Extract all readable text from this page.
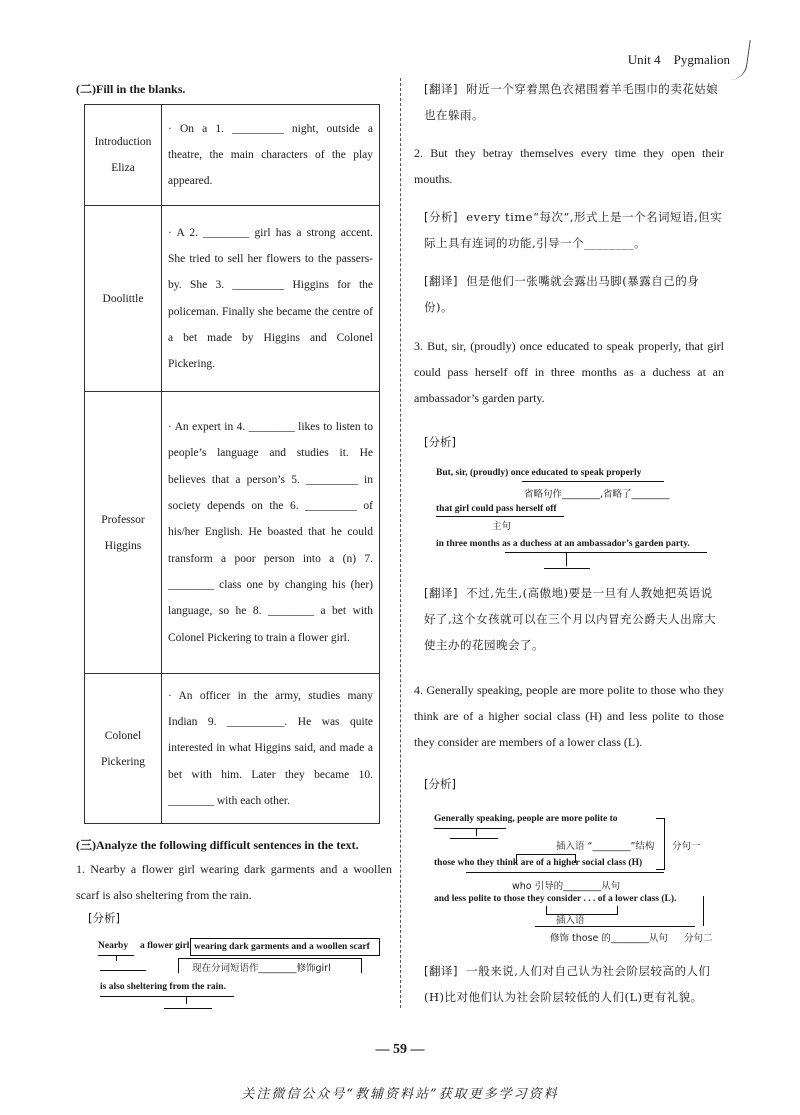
Unit 4 Pygmalion
(二)Fill in the blanks.
Introduction
Eliza	· On a 1. _________ night, outside a theatre, the main characters of the play appeared.
Doolittle	· A 2. ________ girl has a strong accent. She tried to sell her flowers to the passers-by. She 3. _________ Higgins for the policeman. Finally she became the centre of a bet made by Higgins and Colonel Pickering.
Professor
Higgins	· An expert in 4. ________ likes to listen to people’s language and studies it. He believes that a person’s 5. _________ in society depends on the 6. _________ of his/her English. He boasted that he could transform a poor person into a (n) 7. ________ class one by changing his (her) language, so he 8. ________ a bet with Colonel Pickering to train a flower girl.
Colonel
Pickering	· An officer in the army, studies many Indian 9. __________. He was quite interested in what Higgins said, and made a bet with him. Later they became 10. ________ with each other.
(三)Analyze the following difficult sentences in the text.
1. Nearby a flower girl wearing dark garments and a woollen scarf is also sheltering from the rain.
[分析]
Nearby a flower girl wearing dark garments and a woollen scarf
现在分词短语作________修饰girl
is also sheltering from the rain.
[翻译] 附近一个穿着黑色衣裙围着羊毛围巾的卖花姑娘也在躲雨。
2. But they betray themselves every time they open their mouths.
[分析] every time“每次”,形式上是一个名词短语,但实际上具有连词的功能,引导一个________。
[翻译] 但是他们一张嘴就会露出马脚(暴露自己的身份)。
3. But, sir, (proudly) once educated to speak properly, that girl could pass herself off in three months as a duchess at an ambassador’s garden party.
[分析]
But, sir, (proudly) once educated to speak properly
省略句作________,省略了________
that girl could pass herself off
主句
in three months as a duchess at an ambassador’s garden party.
[翻译] 不过,先生,(高傲地)要是一旦有人教她把英语说好了,这个女孩就可以在三个月以内冒充公爵夫人出席大使主办的花园晚会了。
4. Generally speaking, people are more polite to those who they think are of a higher social class (H) and less polite to those they consider are members of a lower class (L).
[分析]
Generally speaking, people are more polite to
插入语 “________”结构
those who they think are of a higher social class (H)
who 引导的________从句
and less polite to those they consider . . . of a lower class (L).
插入语
修饰 those 的________从句
分句一
分句二
[翻译] 一般来说,人们对自己认为社会阶层较高的人们(H)比对他们认为社会阶层较低的人们(L)更有礼貌。
— 59 —
关注微信公众号“教辅资料站”获取更多学习资料
